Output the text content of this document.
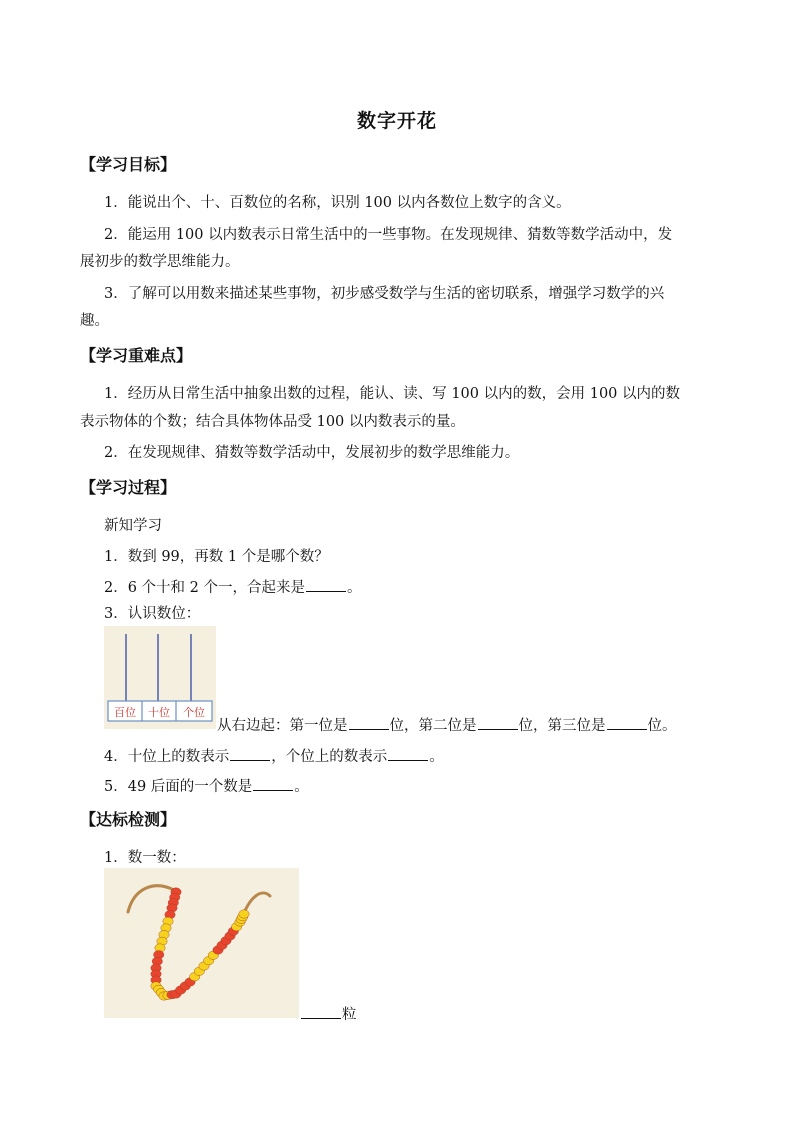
数字开花
【学习目标】
1．能说出个、十、百数位的名称，识别 100 以内各数位上数字的含义。
2．能运用 100 以内数表示日常生活中的一些事物。在发现规律、猜数等数学活动中，发
展初步的数学思维能力。
3．了解可以用数来描述某些事物，初步感受数学与生活的密切联系，增强学习数学的兴
趣。
【学习重难点】
1．经历从日常生活中抽象出数的过程，能认、读、写 100 以内的数，会用 100 以内的数
表示物体的个数；结合具体物体品受 100 以内数表示的量。
2．在发现规律、猜数等数学活动中，发展初步的数学思维能力。
【学习过程】
新知学习
1．数到 99，再数 1 个是哪个数？
2．6 个十和 2 个一，合起来是	。
3．认识数位：
百位 十位 个位
从右边起：第一位是	位，第二位是	位，第三位是	位。
4．十位上的数表示	，个位上的数表示	。
5．49 后面的一个数是	。
【达标检测】
1．数一数：
粒
